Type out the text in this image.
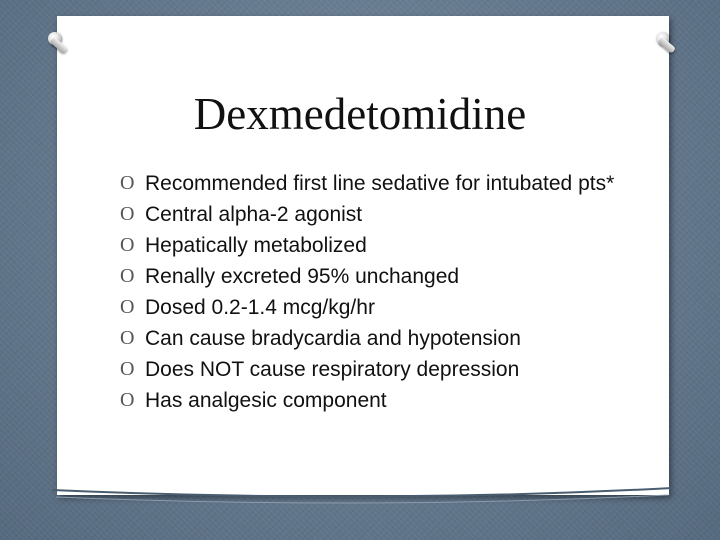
Dexmedetomidine
O Recommended first line sedative for intubated pts*
O Central alpha-2 agonist
O Hepatically metabolized
O Renally excreted 95% unchanged
O Dosed 0.2-1.4 mcg/kg/hr
O Can cause bradycardia and hypotension
O Does NOT cause respiratory depression
O Has analgesic component
